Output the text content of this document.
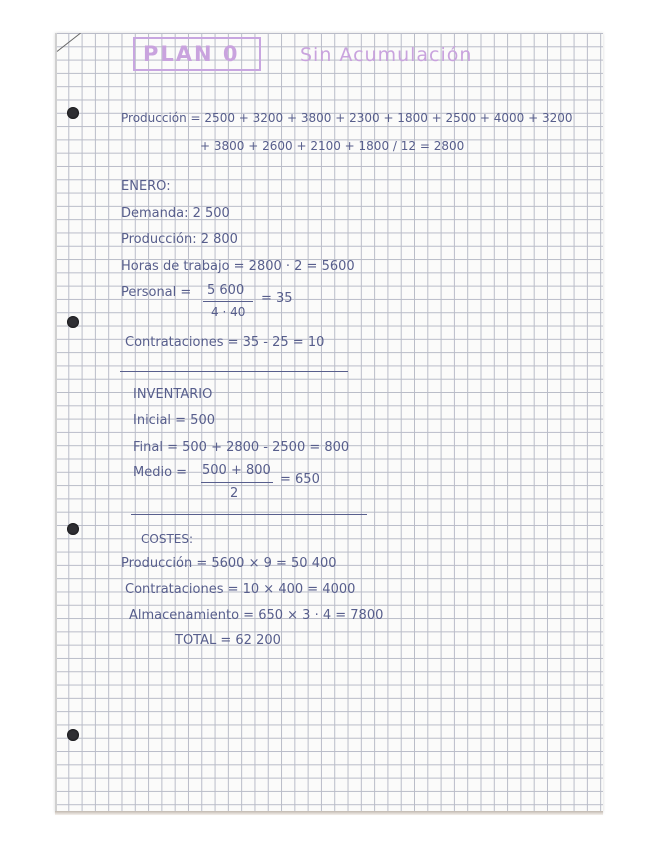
PLAN 0	Sin Acumulación
Producción = 2500 + 3200 + 3800 + 2300 + 1800 + 2500 + 4000 + 3200
+ 3800 + 2600 + 2100 + 1800 / 12 = 2800
ENERO:
Demanda: 2 500
Producción: 2 800
Horas de trabajo = 2800 · 2 = 5600
Personal = 5 600
4 · 40
= 35
Contrataciones = 35 - 25 = 10
INVENTARIO
Inicial = 500
Final = 500 + 2800 - 2500 = 800
Medio = 500 + 800
2
= 650
COSTES:
Producción = 5600 × 9 = 50 400
Contrataciones = 10 × 400 = 4000
Almacenamiento = 650 × 3 · 4 = 7800
TOTAL = 62 200
